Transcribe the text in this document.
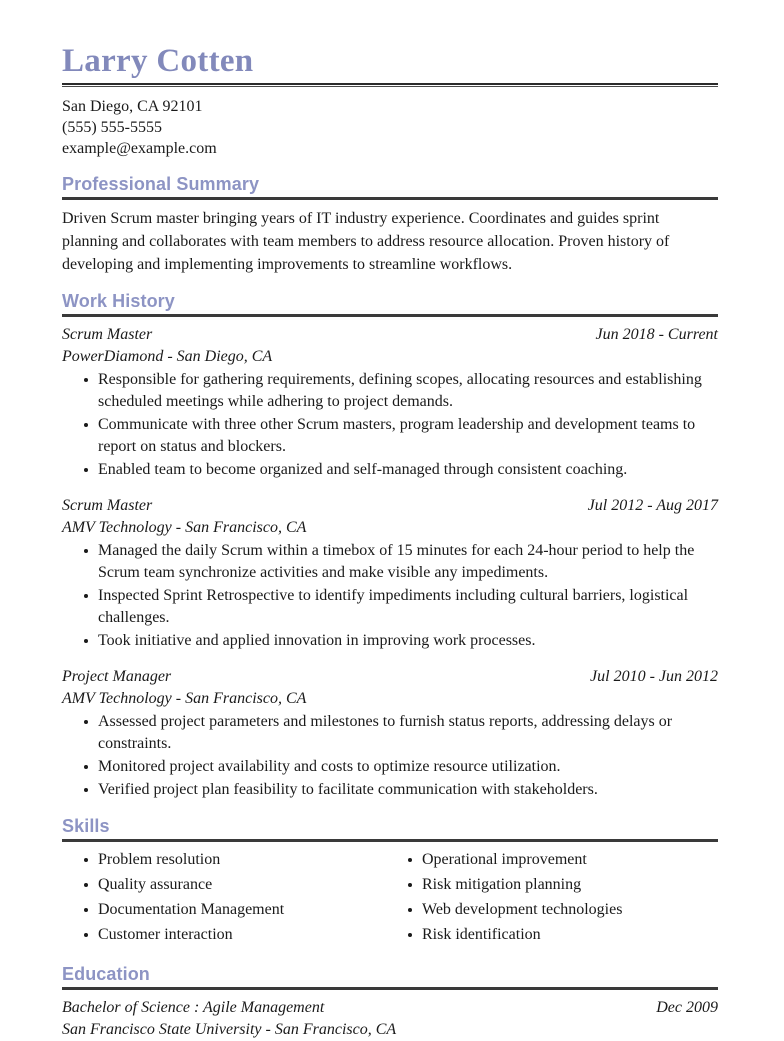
Larry Cotten
San Diego, CA 92101
(555) 555-5555
example@example.com
Professional Summary

Driven Scrum master bringing years of IT industry experience. Coordinates and guides sprint planning and collaborates with team members to address resource allocation. Proven history of developing and implementing improvements to streamline workflows.

Work History
Scrum Master	Jun 2018 - Current
PowerDiamond - San Diego, CA
Responsible for gathering requirements, defining scopes, allocating resources and establishing scheduled meetings while adhering to project demands.
Communicate with three other Scrum masters, program leadership and development teams to report on status and blockers.
Enabled team to become organized and self-managed through consistent coaching.
Scrum Master	Jul 2012 - Aug 2017
AMV Technology - San Francisco, CA
Managed the daily Scrum within a timebox of 15 minutes for each 24-hour period to help the Scrum team synchronize activities and make visible any impediments.
Inspected Sprint Retrospective to identify impediments including cultural barriers, logistical challenges.
Took initiative and applied innovation in improving work processes.
Project Manager	Jul 2010 - Jun 2012
AMV Technology - San Francisco, CA
Assessed project parameters and milestones to furnish status reports, addressing delays or constraints.
Monitored project availability and costs to optimize resource utilization.
Verified project plan feasibility to facilitate communication with stakeholders.
Skills
Problem resolution
Quality assurance
Documentation Management
Customer interaction
Operational improvement
Risk mitigation planning
Web development technologies
Risk identification
Education
Bachelor of Science : Agile Management	Dec 2009
San Francisco State University - San Francisco, CA
